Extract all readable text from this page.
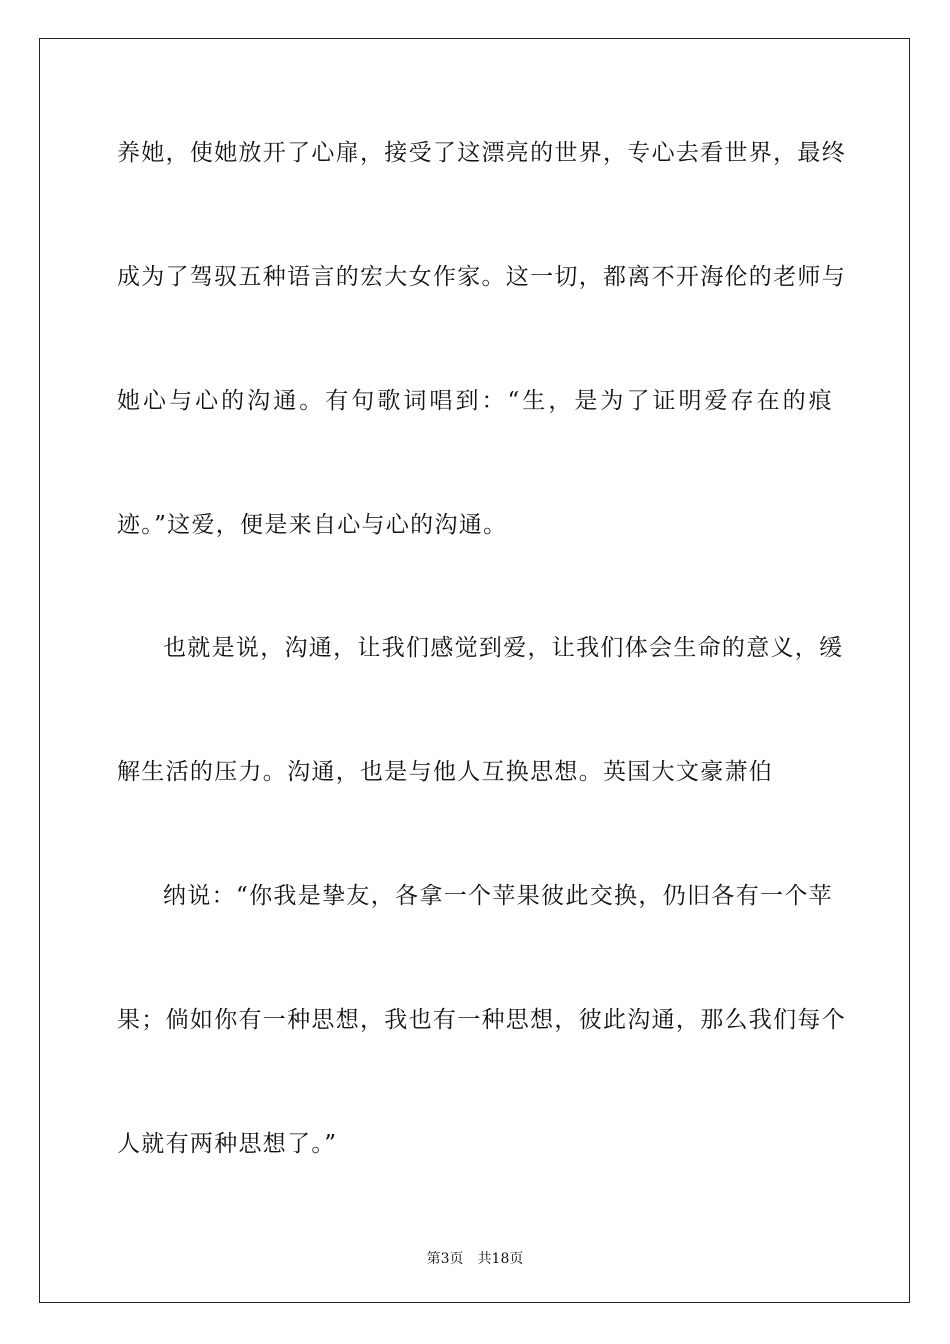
养她，使她放开了心扉，接受了这漂亮的世界，专心去看世界，最终
成为了驾驭五种语言的宏大女作家。这一切，都离不开海伦的老师与
她心与心的沟通。有句歌词唱到：“生，是为了证明爱存在的痕
迹。”这爱，便是来自心与心的沟通。
也就是说，沟通，让我们感觉到爱，让我们体会生命的意义，缓
解生活的压力。沟通，也是与他人互换思想。英国大文豪萧伯
纳说：“你我是挚友，各拿一个苹果彼此交换，仍旧各有一个苹
果；倘如你有一种思想，我也有一种思想，彼此沟通，那么我们每个
人就有两种思想了。”
第3页 共18页
